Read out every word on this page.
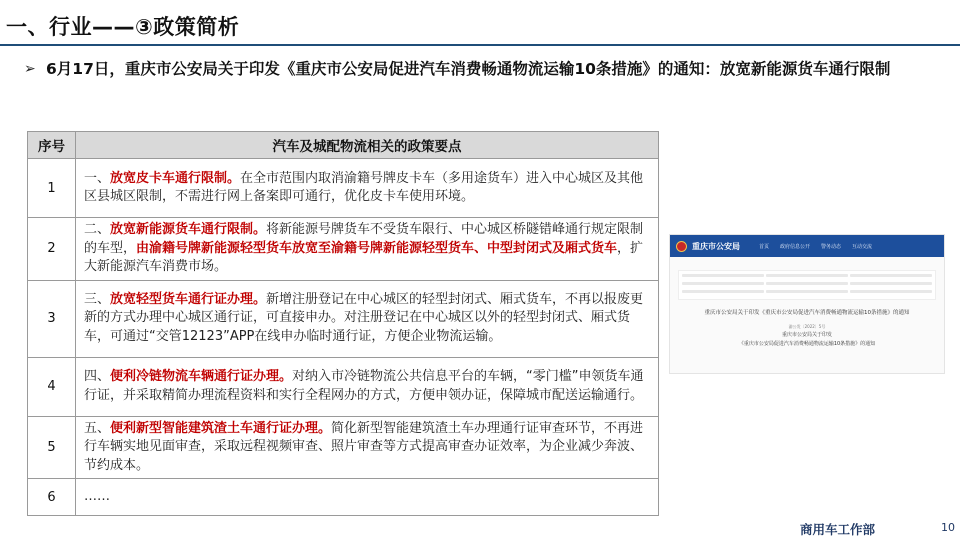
一、行业——③政策简析
➢ 6月17日，重庆市公安局关于印发《重庆市公安局促进汽车消费畅通物流运输10条措施》的通知：放宽新能源货车通行限制
序号	汽车及城配物流相关的政策要点
1	一、放宽皮卡车通行限制。在全市范围内取消渝籍号牌皮卡车（多用途货车）进入中心城区及其他区县城区限制，不需进行网上备案即可通行，优化皮卡车使用环境。
2	二、放宽新能源货车通行限制。将新能源号牌货车不受货车限行、中心城区桥隧错峰通行规定限制的车型，由渝籍号牌新能源轻型货车放宽至渝籍号牌新能源轻型货车、中型封闭式及厢式货车，扩大新能源汽车消费市场。
3	三、放宽轻型货车通行证办理。新增注册登记在中心城区的轻型封闭式、厢式货车，不再以报废更新的方式办理中心城区通行证，可直接申办。对注册登记在中心城区以外的轻型封闭式、厢式货车，可通过“交管12123”APP在线申办临时通行证，方便企业物流运输。
4	四、便利冷链物流车辆通行证办理。对纳入市冷链物流公共信息平台的车辆，“零门槛”申领货车通行证，并采取精简办理流程资料和实行全程网办的方式，方便申领办证，保障城市配送运输通行。
5	五、便利新型智能建筑渣土车通行证办理。简化新型智能建筑渣土车办理通行证审查环节，不再进行车辆实地见面审查，采取远程视频审查、照片审查等方式提高审查办证效率，为企业减少奔波、节约成本。
6	……
重庆市公安局	首页 政府信息公开 警务动态 互动交流

重庆市公安局关于印发《重庆市公安局促进汽车消费畅通物流运输10条措施》的通知
渝公发〔2022〕5号
重庆市公安局关于印发
《重庆市公安局促进汽车消费畅通物流运输10条措施》的通知
商用车工作部	10
